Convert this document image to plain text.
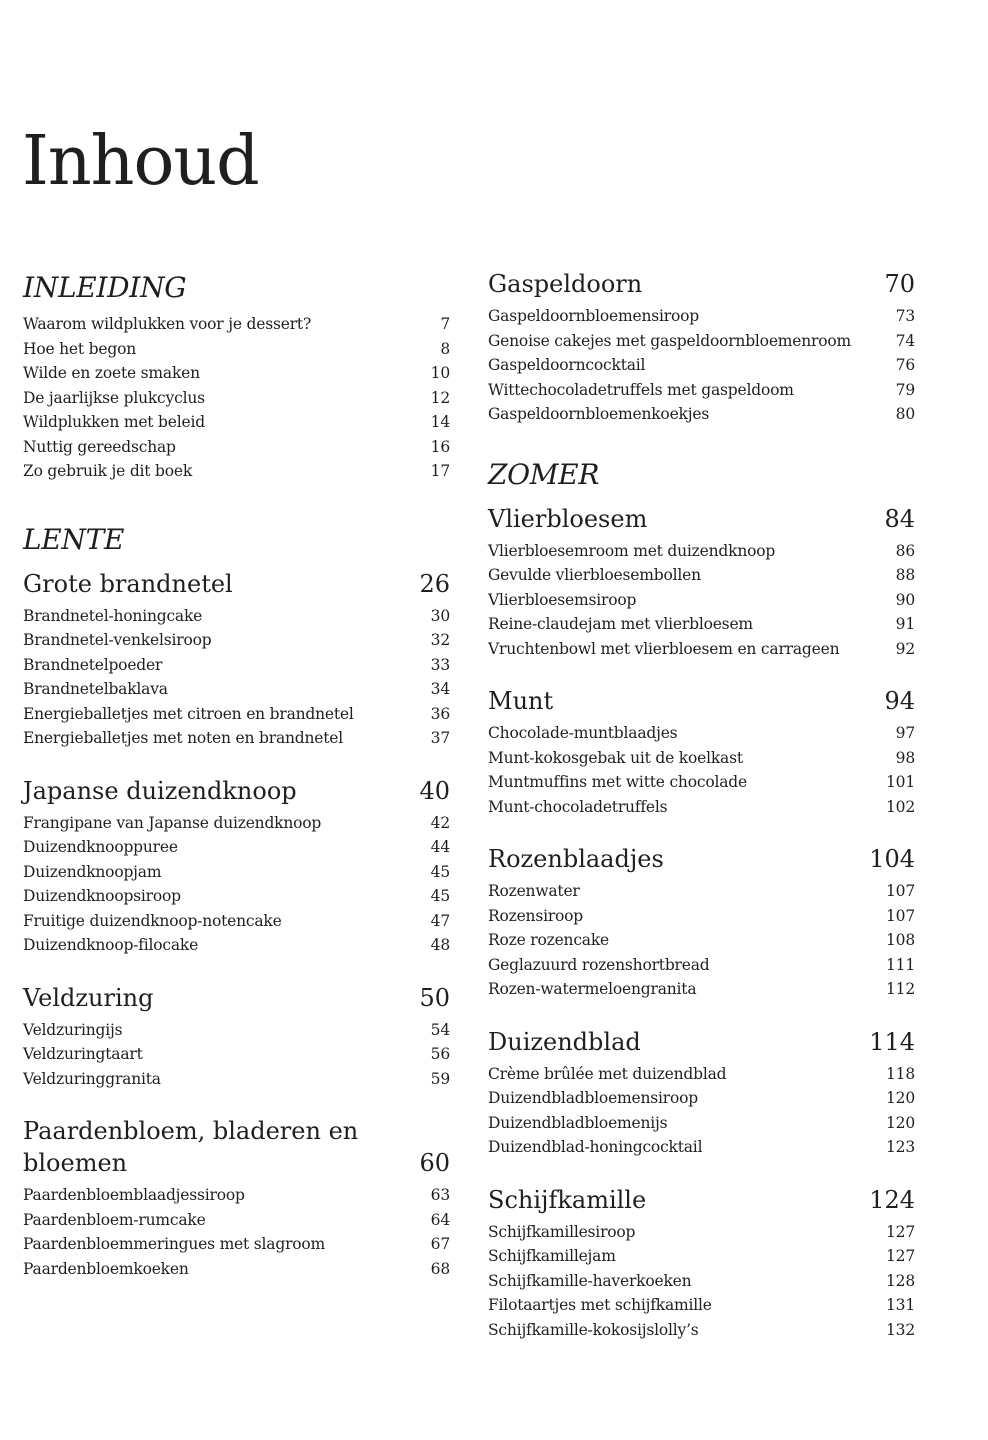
Inhoud
INLEIDING
Waarom wildplukken voor je dessert?	7
Hoe het begon	8
Wilde en zoete smaken	10
De jaarlijkse plukcyclus	12
Wildplukken met beleid	14
Nuttig gereedschap	16
Zo gebruik je dit boek	17
LENTE
Grote brandnetel	26
Brandnetel-honingcake	30
Brandnetel-venkelsiroop	32
Brandnetelpoeder	33
Brandnetelbaklava	34
Energieballetjes met citroen en brandnetel	36
Energieballetjes met noten en brandnetel	37
Japanse duizendknoop	40
Frangipane van Japanse duizendknoop	42
Duizendknooppuree	44
Duizendknoopjam	45
Duizendknoopsiroop	45
Fruitige duizendknoop-notencake	47
Duizendknoop-filocake	48
Veldzuring	50
Veldzuringijs	54
Veldzuringtaart	56
Veldzuringgranita	59
Paardenbloem, bladeren en bloemen	60
Paardenbloemblaadjessiroop	63
Paardenbloem-rumcake	64
Paardenbloemmeringues met slagroom	67
Paardenbloemkoeken	68
Gaspeldoorn	70
Gaspeldoornbloemensiroop	73
Genoise cakejes met gaspeldoornbloemenroom	74
Gaspeldoorncocktail	76
Wittechocoladetruffels met gaspeldoom	79
Gaspeldoornbloemenkoekjes	80
ZOMER
Vlierbloesem	84
Vlierbloesemroom met duizendknoop	86
Gevulde vlierbloesembollen	88
Vlierbloesemsiroop	90
Reine-claudejam met vlierbloesem	91
Vruchtenbowl met vlierbloesem en carrageen	92
Munt	94
Chocolade-muntblaadjes	97
Munt-kokosgebak uit de koelkast	98
Muntmuffins met witte chocolade	101
Munt-chocoladetruffels	102
Rozenblaadjes	104
Rozenwater	107
Rozensiroop	107
Roze rozencake	108
Geglazuurd rozenshortbread	111
Rozen-watermeloengranita	112
Duizendblad	114
Crème brûlée met duizendblad	118
Duizendbladbloemensiroop	120
Duizendbladbloemenijs	120
Duizendblad-honingcocktail	123
Schijfkamille	124
Schijfkamillesiroop	127
Schijfkamillejam	127
Schijfkamille-haverkoeken	128
Filotaartjes met schijfkamille	131
Schijfkamille-kokosijslolly’s	132
